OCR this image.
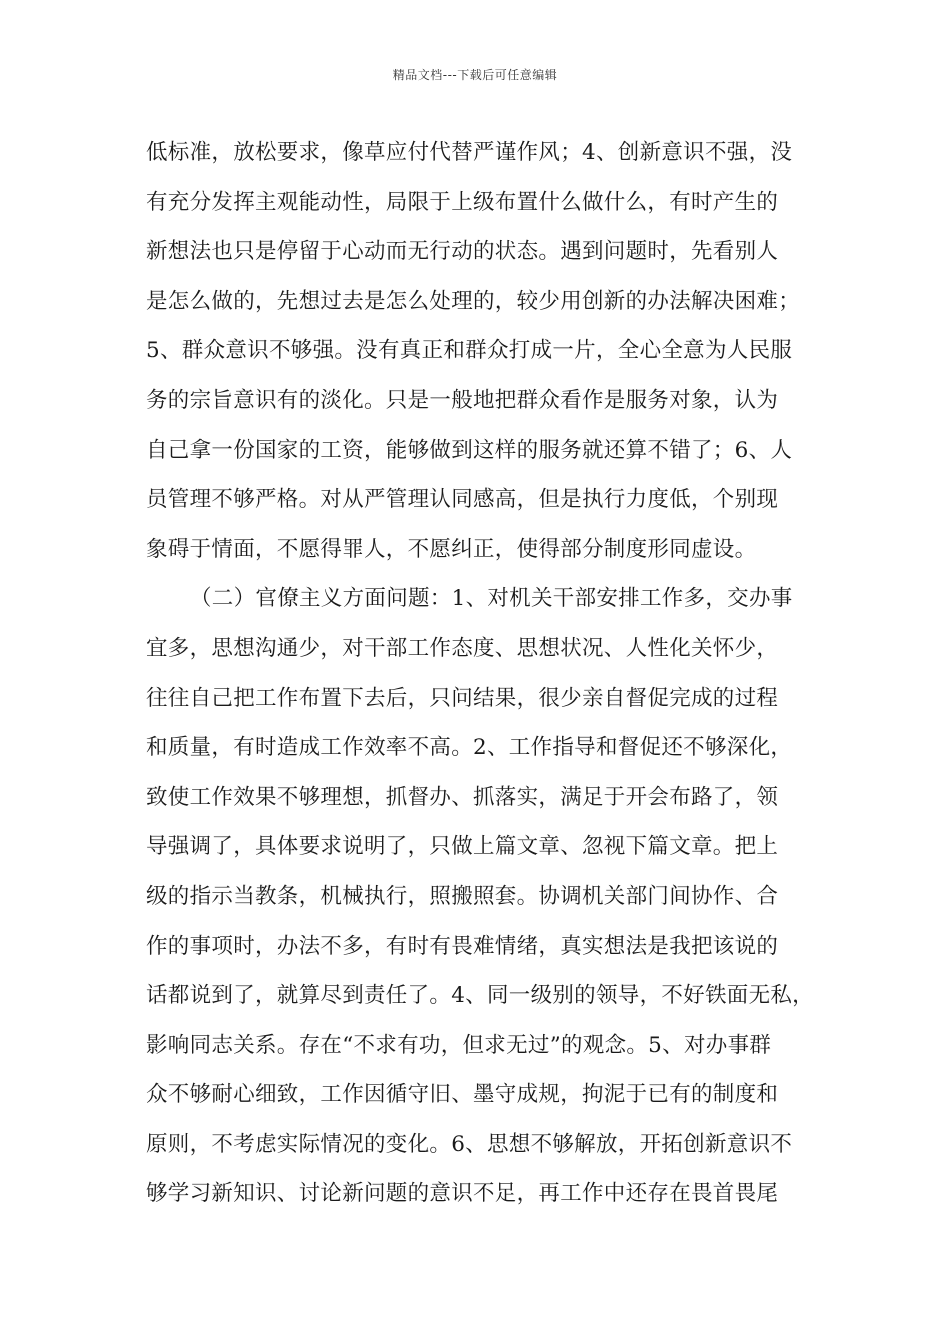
精品文档---下载后可任意编辑
低标准，放松要求，像草应付代替严谨作风；4、创新意识不强，没
有充分发挥主观能动性，局限于上级布置什么做什么，有时产生的
新想法也只是停留于心动而无行动的状态。遇到问题时，先看别人
是怎么做的，先想过去是怎么处理的，较少用创新的办法解决困难；
5、群众意识不够强。没有真正和群众打成一片，全心全意为人民服
务的宗旨意识有的淡化。只是一般地把群众看作是服务对象，认为
自己拿一份国家的工资，能够做到这样的服务就还算不错了；6、人
员管理不够严格。对从严管理认同感高，但是执行力度低，个别现
象碍于情面，不愿得罪人，不愿纠正，使得部分制度形同虚设。
（二）官僚主义方面问题：1、对机关干部安排工作多，交办事
宜多，思想沟通少，对干部工作态度、思想状况、人性化关怀少，
往往自己把工作布置下去后，只问结果，很少亲自督促完成的过程
和质量，有时造成工作效率不高。2、工作指导和督促还不够深化，
致使工作效果不够理想，抓督办、抓落实，满足于开会布路了，领
导强调了，具体要求说明了，只做上篇文章、忽视下篇文章。把上
级的指示当教条，机械执行，照搬照套。协调机关部门间协作、合
作的事项时，办法不多，有时有畏难情绪，真实想法是我把该说的
话都说到了，就算尽到责任了。4、同一级别的领导，不好铁面无私，
影响同志关系。存在“不求有功，但求无过”的观念。5、对办事群
众不够耐心细致，工作因循守旧、墨守成规，拘泥于已有的制度和
原则，不考虑实际情况的变化。6、思想不够解放，开拓创新意识不
够学习新知识、讨论新问题的意识不足，再工作中还存在畏首畏尾
